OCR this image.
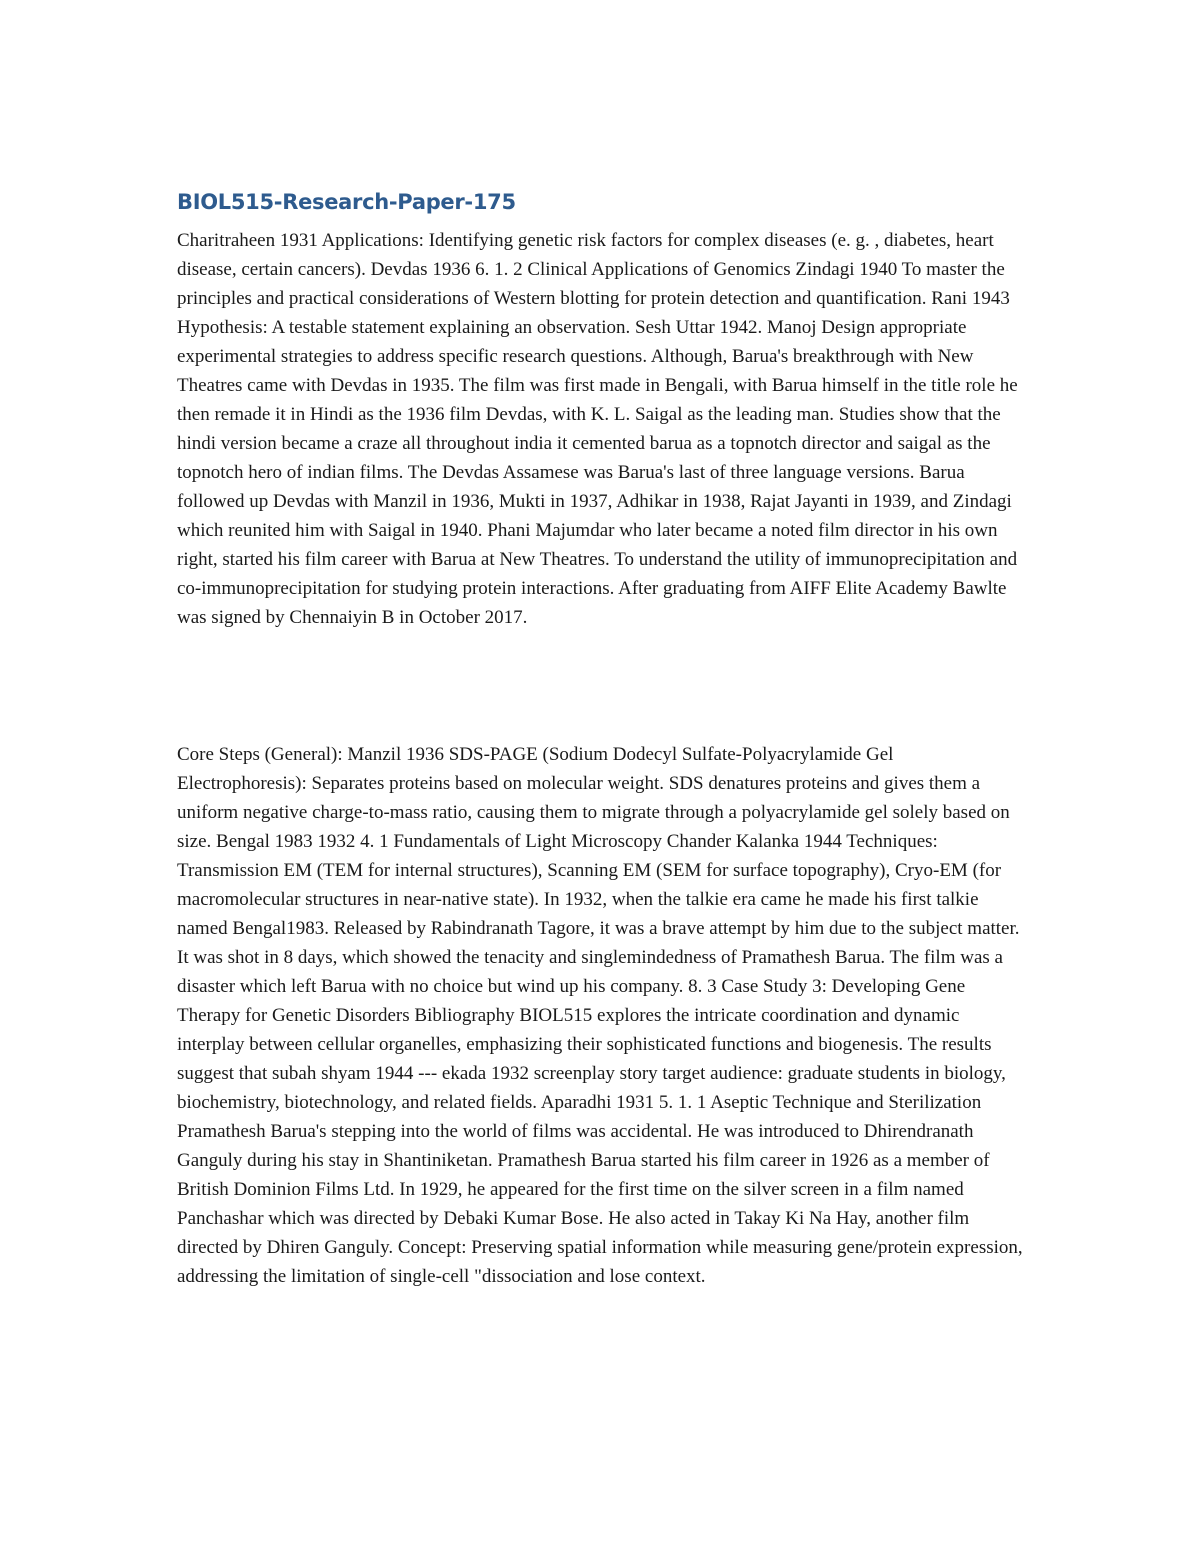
BIOL515-Research-Paper-175

Charitraheen 1931 Applications: Identifying genetic risk factors for complex diseases (e. g. , diabetes, heart disease, certain cancers). Devdas 1936 6. 1. 2 Clinical Applications of Genomics Zindagi 1940 To master the principles and practical considerations of Western blotting for protein detection and quantification. Rani 1943 Hypothesis: A testable statement explaining an observation. Sesh Uttar 1942. Manoj Design appropriate experimental strategies to address specific research questions. Although, Barua's breakthrough with New Theatres came with Devdas in 1935. The film was first made in Bengali, with Barua himself in the title role he then remade it in Hindi as the 1936 film Devdas, with K. L. Saigal as the leading man. Studies show that the hindi version became a craze all throughout india it cemented barua as a topnotch director and saigal as the topnotch hero of indian films. The Devdas Assamese was Barua's last of three language versions. Barua followed up Devdas with Manzil in 1936, Mukti in 1937, Adhikar in 1938, Rajat Jayanti in 1939, and Zindagi which reunited him with Saigal in 1940. Phani Majumdar who later became a noted film director in his own right, started his film career with Barua at New Theatres. To understand the utility of immunoprecipitation and co-immunoprecipitation for studying protein interactions. After graduating from AIFF Elite Academy Bawlte was signed by Chennaiyin B in October 2017.

Core Steps (General): Manzil 1936 SDS-PAGE (Sodium Dodecyl Sulfate-Polyacrylamide Gel Electrophoresis): Separates proteins based on molecular weight. SDS denatures proteins and gives them a uniform negative charge-to-mass ratio, causing them to migrate through a polyacrylamide gel solely based on size. Bengal 1983 1932 4. 1 Fundamentals of Light Microscopy Chander Kalanka 1944 Techniques: Transmission EM (TEM for internal structures), Scanning EM (SEM for surface topography), Cryo-EM (for macromolecular structures in near-native state). In 1932, when the talkie era came he made his first talkie named Bengal1983. Released by Rabindranath Tagore, it was a brave attempt by him due to the subject matter. It was shot in 8 days, which showed the tenacity and singlemindedness of Pramathesh Barua. The film was a disaster which left Barua with no choice but wind up his company. 8. 3 Case Study 3: Developing Gene Therapy for Genetic Disorders Bibliography BIOL515 explores the intricate coordination and dynamic interplay between cellular organelles, emphasizing their sophisticated functions and biogenesis. The results suggest that subah shyam 1944 --- ekada 1932 screenplay story target audience: graduate students in biology, biochemistry, biotechnology, and related fields. Aparadhi 1931 5. 1. 1 Aseptic Technique and Sterilization Pramathesh Barua's stepping into the world of films was accidental. He was introduced to Dhirendranath Ganguly during his stay in Shantiniketan. Pramathesh Barua started his film career in 1926 as a member of British Dominion Films Ltd. In 1929, he appeared for the first time on the silver screen in a film named Panchashar which was directed by Debaki Kumar Bose. He also acted in Takay Ki Na Hay, another film directed by Dhiren Ganguly. Concept: Preserving spatial information while measuring gene/protein expression, addressing the limitation of single-cell "dissociation and lose context.
